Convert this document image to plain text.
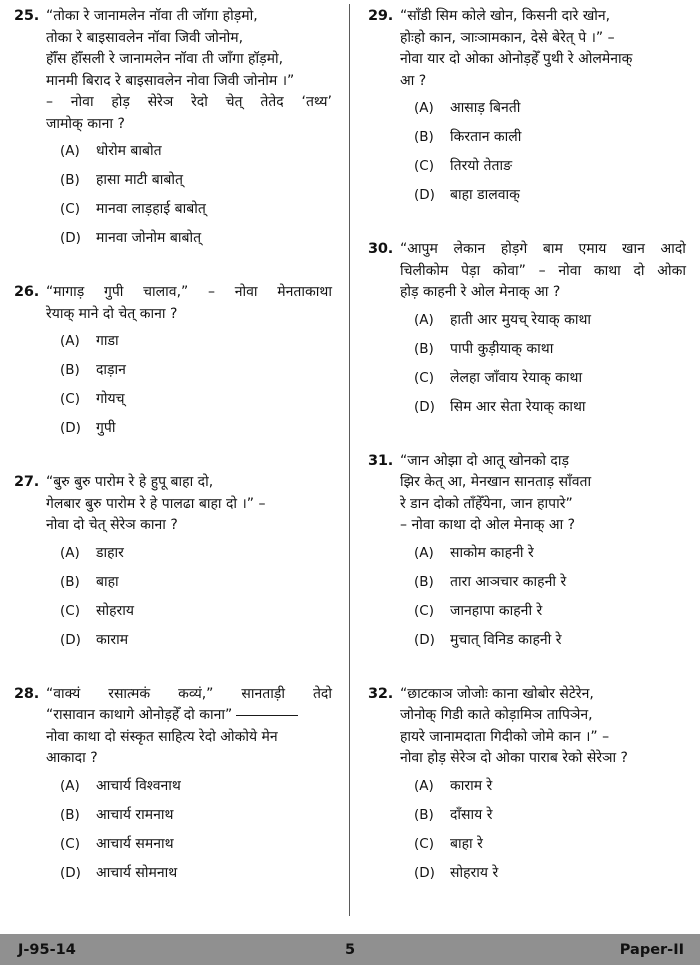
25. “तोका रे जानामलेन नॉवा ती जॉगा होड़मो,
तोका रे बाइसावलेन नॉवा जिवी जोनोम,
हॉँस हॉँसली रे जानामलेन नॉवा ती जॉंगा हॉड़मो,
मानमी बिराद रे बाइसावलेन नोवा जिवी जोनोम ।”
– नोवा होड़ सेरेञ रेदो चेत् तेतेद ‘तथ्य’
जामोक् काना ?
(A)	धोरोम बाबोत
(B)	हासा माटी बाबोत्
(C)	मानवा लाड़हाई बाबोत्
(D)	मानवा जोनोम बाबोत्
26. “मागाड़ गुपी चालाव,” – नोवा मेनताकाथा
रेयाक् माने दो चेत् काना ?
(A)	गाडा
(B)	दाड़ान
(C)	गोयच्
(D)	गुपी
27. “बुरु बुरु पारोम रे हे हुपू बाहा दो,
गेलबार बुरु पारोम रे हे पालढा बाहा दो ।” –
नोवा दो चेत् सेरेञ काना ?
(A)	डाहार
(B)	बाहा
(C)	सोहराय
(D)	काराम
28. “वाक्यं रसात्मकं कव्यं,” सानताड़ी तेदो
“रासावान काथागे ओनोड़हेँ दो काना”
नोवा काथा दो संस्कृत साहित्य रेदो ओकोये मेन
आकादा ?
(A)	आचार्य विश्वनाथ
(B)	आचार्य रामनाथ
(C)	आचार्य समनाथ
(D)	आचार्य सोमनाथ
29. “साँडी सिम कोले खोन, किसनी दारे खोन,
होःहो कान, ञाःञामकान, देसे बेरेत् पे ।” –
नोवा यार दो ओका ओनोड़हेँ पुथी रे ओलमेनाक्
आ ?
(A)	आसाड़ बिनती
(B)	किरतान काली
(C)	तिरयो तेताङ
(D)	बाहा डालवाक्
30. “आपुम लेकान होड़गे बाम एमाय खान आदो
चिलीकोम पेड़ा कोवा” – नोवा काथा दो ओका
होड़ काहनी रे ओल मेनाक् आ ?
(A)	हाती आर मुयच् रेयाक् काथा
(B)	पापी कुड़ीयाक् काथा
(C)	लेलहा जॉंवाय रेयाक् काथा
(D)	सिम आर सेता रेयाक् काथा
31. “जान ओझा दो आतू खोनको दाड़
झिर केत् आ, मेनखान सानताड़ सॉंवता
रे डान दोको ताँहेँयेना, जान हापारे”
– नोवा काथा दो ओल मेनाक् आ ?
(A)	साकोम काहनी रे
(B)	तारा आञचार काहनी रे
(C)	जानहापा काहनी रे
(D)	मुचात् विनिड काहनी रे
32. “छाटकाञ जोजोः काना खोबोर सेटेरेन,
जोनोक् गिडी काते कोड़ामिञ तापिञेन,
हायरे जानामदाता गिदीको जोमे कान ।” –
नोवा होड़ सेरेञ दो ओका पाराब रेको सेरेञा ?
(A)	काराम रे
(B)	दाँसाय रे
(C)	बाहा रे
(D)	सोहराय रे
J-95-14	5	Paper-II
